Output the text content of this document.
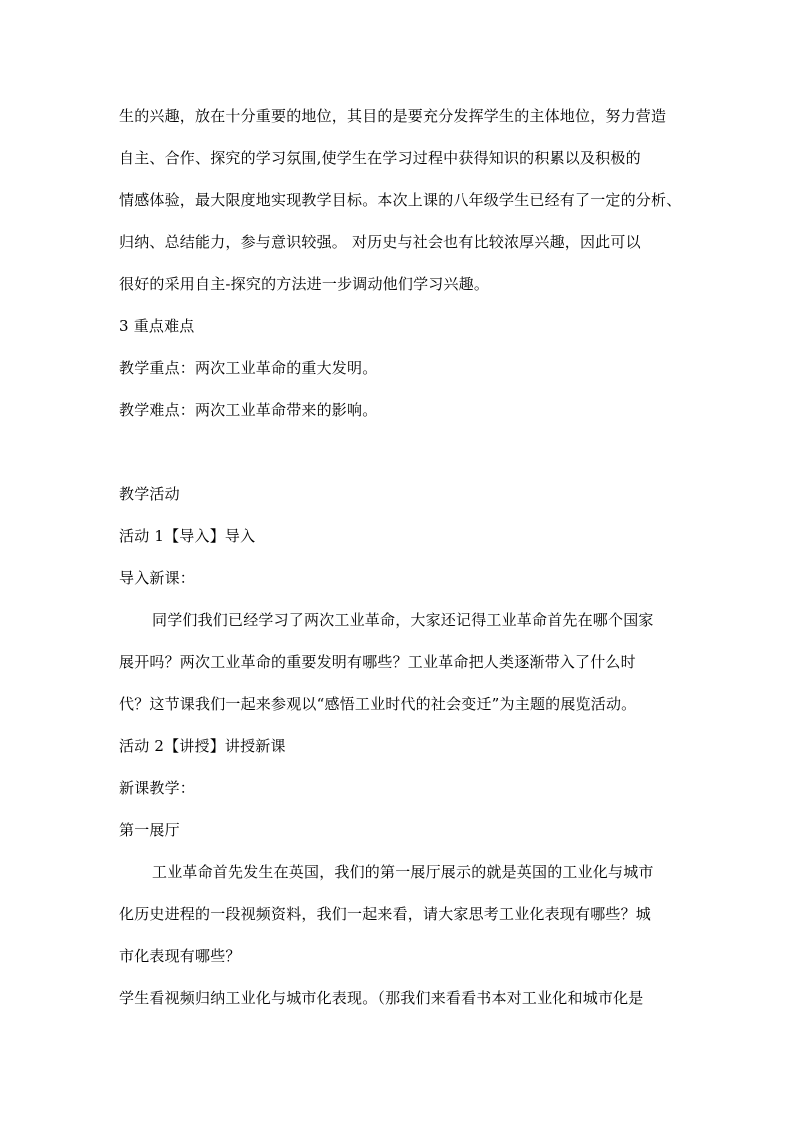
生的兴趣，放在十分重要的地位，其目的是要充分发挥学生的主体地位，努力营造
自主、合作、探究的学习氛围,使学生在学习过程中获得知识的积累以及积极的
情感体验，最大限度地实现教学目标。本次上课的八年级学生已经有了一定的分析、
归纳、总结能力，参与意识较强。 对历史与社会也有比较浓厚兴趣，因此可以
很好的采用自主-探究的方法进一步调动他们学习兴趣。
3 重点难点
教学重点：两次工业革命的重大发明。
教学难点：两次工业革命带来的影响。
教学活动
活动 1【导入】导入
导入新课：
同学们我们已经学习了两次工业革命，大家还记得工业革命首先在哪个国家
展开吗？两次工业革命的重要发明有哪些？工业革命把人类逐渐带入了什么时
代？这节课我们一起来参观以“感悟工业时代的社会变迁”为主题的展览活动。
活动 2【讲授】讲授新课
新课教学：
第一展厅
工业革命首先发生在英国，我们的第一展厅展示的就是英国的工业化与城市
化历史进程的一段视频资料，我们一起来看，请大家思考工业化表现有哪些？城
市化表现有哪些？
学生看视频归纳工业化与城市化表现。（那我们来看看书本对工业化和城市化是
